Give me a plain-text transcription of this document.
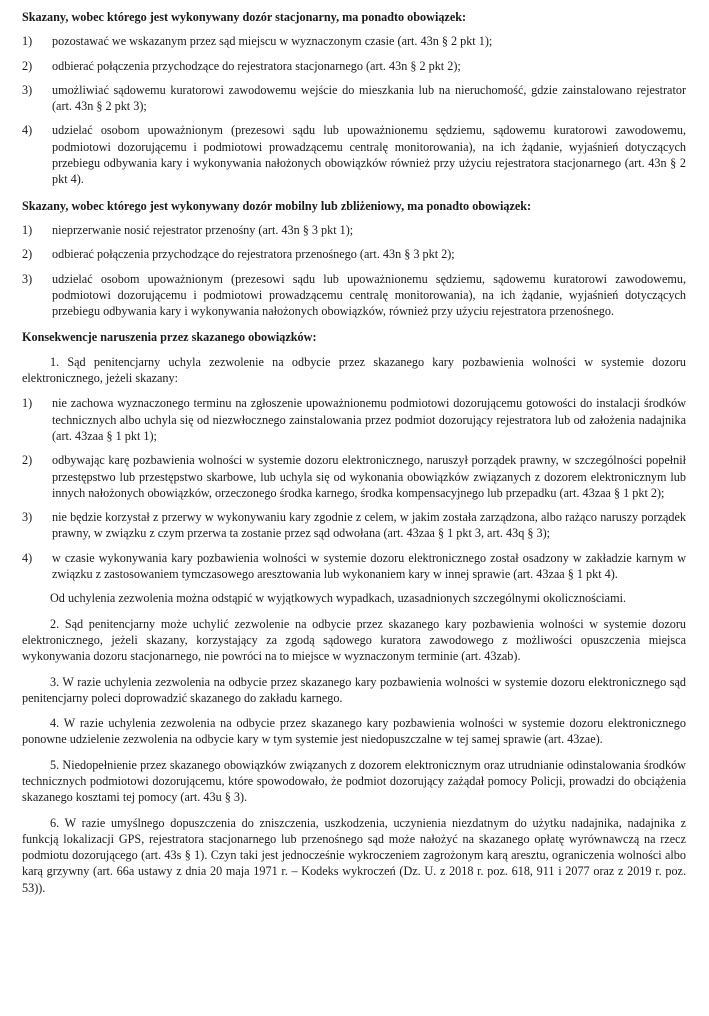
Skazany, wobec którego jest wykonywany dozór stacjonarny, ma ponadto obowiązek:

1)	pozostawać we wskazanym przez sąd miejscu w wyznaczonym czasie (art. 43n § 2 pkt 1);
2)	odbierać połączenia przychodzące do rejestratora stacjonarnego (art. 43n § 2 pkt 2);
3)	umożliwiać sądowemu kuratorowi zawodowemu wejście do mieszkania lub na nieruchomość, gdzie zainstalowano rejestrator (art. 43n § 2 pkt 3);
4)	udzielać osobom upoważnionym (prezesowi sądu lub upoważnionemu sędziemu, sądowemu kuratorowi zawodowemu, podmiotowi dozorującemu i podmiotowi prowadzącemu centralę monitorowania), na ich żądanie, wyjaśnień dotyczących przebiegu odbywania kary i wykonywania nałożonych obowiązków również przy użyciu rejestratora stacjonarnego (art. 43n § 2 pkt 4).

Skazany, wobec którego jest wykonywany dozór mobilny lub zbliżeniowy, ma ponadto obowiązek:

1)	nieprzerwanie nosić rejestrator przenośny (art. 43n § 3 pkt 1);
2)	odbierać połączenia przychodzące do rejestratora przenośnego (art. 43n § 3 pkt 2);
3)	udzielać osobom upoważnionym (prezesowi sądu lub upoważnionemu sędziemu, sądowemu kuratorowi zawodowemu, podmiotowi dozorującemu i podmiotowi prowadzącemu centralę monitorowania), na ich żądanie, wyjaśnień dotyczących przebiegu odbywania kary i wykonywania nałożonych obowiązków, również przy użyciu rejestratora przenośnego.

Konsekwencje naruszenia przez skazanego obowiązków:

1. Sąd penitencjarny uchyla zezwolenie na odbycie przez skazanego kary pozbawienia wolności w systemie dozoru elektronicznego, jeżeli skazany:

1)	nie zachowa wyznaczonego terminu na zgłoszenie upoważnionemu podmiotowi dozorującemu gotowości do instalacji środków technicznych albo uchyla się od niezwłocznego zainstalowania przez podmiot dozorujący rejestratora lub od założenia nadajnika (art. 43zaa § 1 pkt 1);
2)	odbywając karę pozbawienia wolności w systemie dozoru elektronicznego, naruszył porządek prawny, w szczególności popełnił przestępstwo lub przestępstwo skarbowe, lub uchyla się od wykonania obowiązków związanych z dozorem elektronicznym lub innych nałożonych obowiązków, orzeczonego środka karnego, środka kompensacyjnego lub przepadku (art. 43zaa § 1 pkt 2);
3)	nie będzie korzystał z przerwy w wykonywaniu kary zgodnie z celem, w jakim została zarządzona, albo rażąco naruszy porządek prawny, w związku z czym przerwa ta zostanie przez sąd odwołana (art. 43zaa § 1 pkt 3, art. 43q § 3);
4)	w czasie wykonywania kary pozbawienia wolności w systemie dozoru elektronicznego został osadzony w zakładzie karnym w związku z zastosowaniem tymczasowego aresztowania lub wykonaniem kary w innej sprawie (art. 43zaa § 1 pkt 4).

Od uchylenia zezwolenia można odstąpić w wyjątkowych wypadkach, uzasadnionych szczególnymi okolicznościami.

2. Sąd penitencjarny może uchylić zezwolenie na odbycie przez skazanego kary pozbawienia wolności w systemie dozoru elektronicznego, jeżeli skazany, korzystający za zgodą sądowego kuratora zawodowego z możliwości opuszczenia miejsca wykonywania dozoru stacjonarnego, nie powróci na to miejsce w wyznaczonym terminie (art. 43zab).

3. W razie uchylenia zezwolenia na odbycie przez skazanego kary pozbawienia wolności w systemie dozoru elektronicznego sąd penitencjarny poleci doprowadzić skazanego do zakładu karnego.

4. W razie uchylenia zezwolenia na odbycie przez skazanego kary pozbawienia wolności w systemie dozoru elektronicznego ponowne udzielenie zezwolenia na odbycie kary w tym systemie jest niedopuszczalne w tej samej sprawie (art. 43zae).

5. Niedopełnienie przez skazanego obowiązków związanych z dozorem elektronicznym oraz utrudnianie odinstalowania środków technicznych podmiotowi dozorującemu, które spowodowało, że podmiot dozorujący zażądał pomocy Policji, prowadzi do obciążenia skazanego kosztami tej pomocy (art. 43u § 3).

6. W razie umyślnego dopuszczenia do zniszczenia, uszkodzenia, uczynienia niezdatnym do użytku nadajnika, nadajnika z funkcją lokalizacji GPS, rejestratora stacjonarnego lub przenośnego sąd może nałożyć na skazanego opłatę wyrównawczą na rzecz podmiotu dozorującego (art. 43s § 1). Czyn taki jest jednocześnie wykroczeniem zagrożonym karą aresztu, ograniczenia wolności albo karą grzywny (art. 66a ustawy z dnia 20 maja 1971 r. – Kodeks wykroczeń (Dz. U. z 2018 r. poz. 618, 911 i 2077 oraz z 2019 r. poz. 53)).
